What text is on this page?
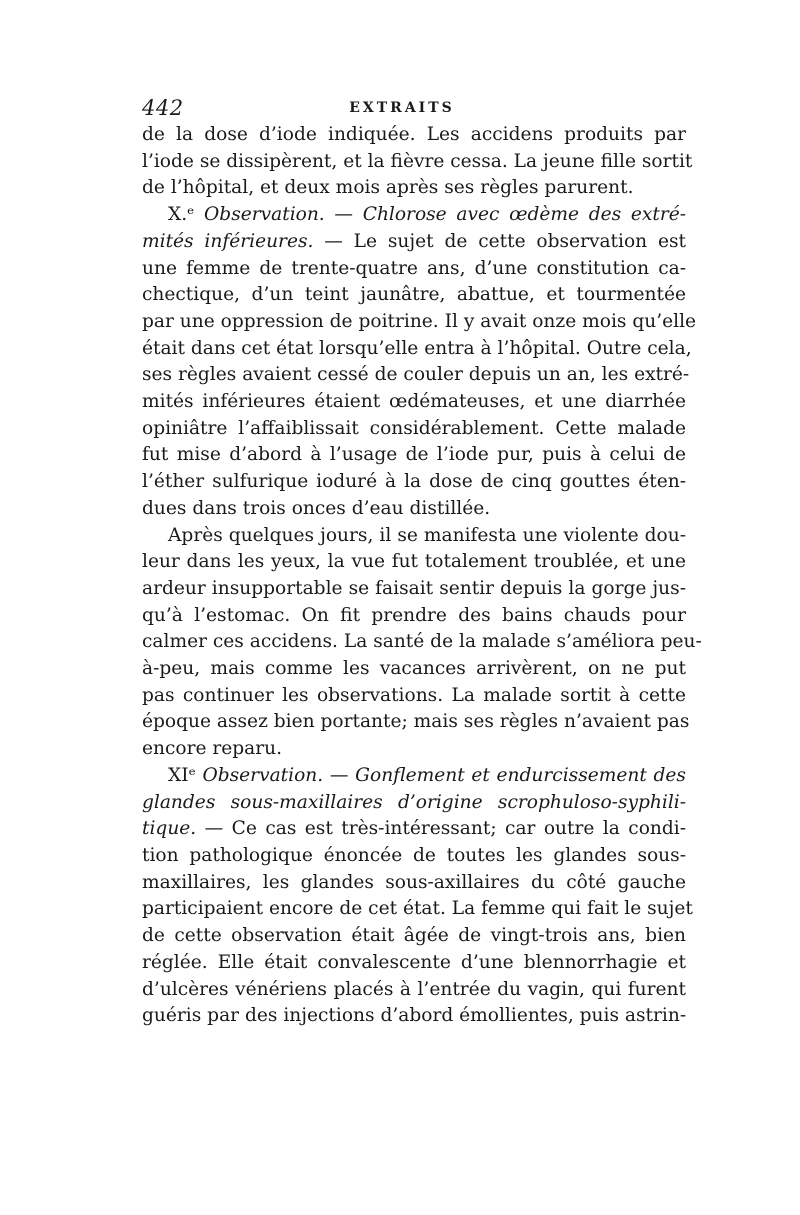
442	EXTRAITS
de la dose d’iode indiquée. Les accidens produits par
l’iode se dissipèrent, et la fièvre cessa. La jeune fille sortit
de l’hôpital, et deux mois après ses règles parurent.
X.ᵉ Observation. — Chlorose avec œdème des extré-
mités inférieures. — Le sujet de cette observation est
une femme de trente-quatre ans, d’une constitution ca-
chectique, d’un teint jaunâtre, abattue, et tourmentée
par une oppression de poitrine. Il y avait onze mois qu’elle
était dans cet état lorsqu’elle entra à l’hôpital. Outre cela,
ses règles avaient cessé de couler depuis un an, les extré-
mités inférieures étaient œdémateuses, et une diarrhée
opiniâtre l’affaiblissait considérablement. Cette malade
fut mise d’abord à l’usage de l’iode pur, puis à celui de
l’éther sulfurique ioduré à la dose de cinq gouttes éten-
dues dans trois onces d’eau distillée.
Après quelques jours, il se manifesta une violente dou-
leur dans les yeux, la vue fut totalement troublée, et une
ardeur insupportable se faisait sentir depuis la gorge jus-
qu’à l’estomac. On fit prendre des bains chauds pour
calmer ces accidens. La santé de la malade s’améliora peu-
à-peu, mais comme les vacances arrivèrent, on ne put
pas continuer les observations. La malade sortit à cette
époque assez bien portante; mais ses règles n’avaient pas
encore reparu.
XIᵉ Observation. — Gonflement et endurcissement des
glandes sous-maxillaires d’origine scrophuloso-syphili-
tique. — Ce cas est très-intéressant; car outre la condi-
tion pathologique énoncée de toutes les glandes sous-
maxillaires, les glandes sous-axillaires du côté gauche
participaient encore de cet état. La femme qui fait le sujet
de cette observation était âgée de vingt-trois ans, bien
réglée. Elle était convalescente d’une blennorrhagie et
d’ulcères vénériens placés à l’entrée du vagin, qui furent
guéris par des injections d’abord émollientes, puis astrin-
